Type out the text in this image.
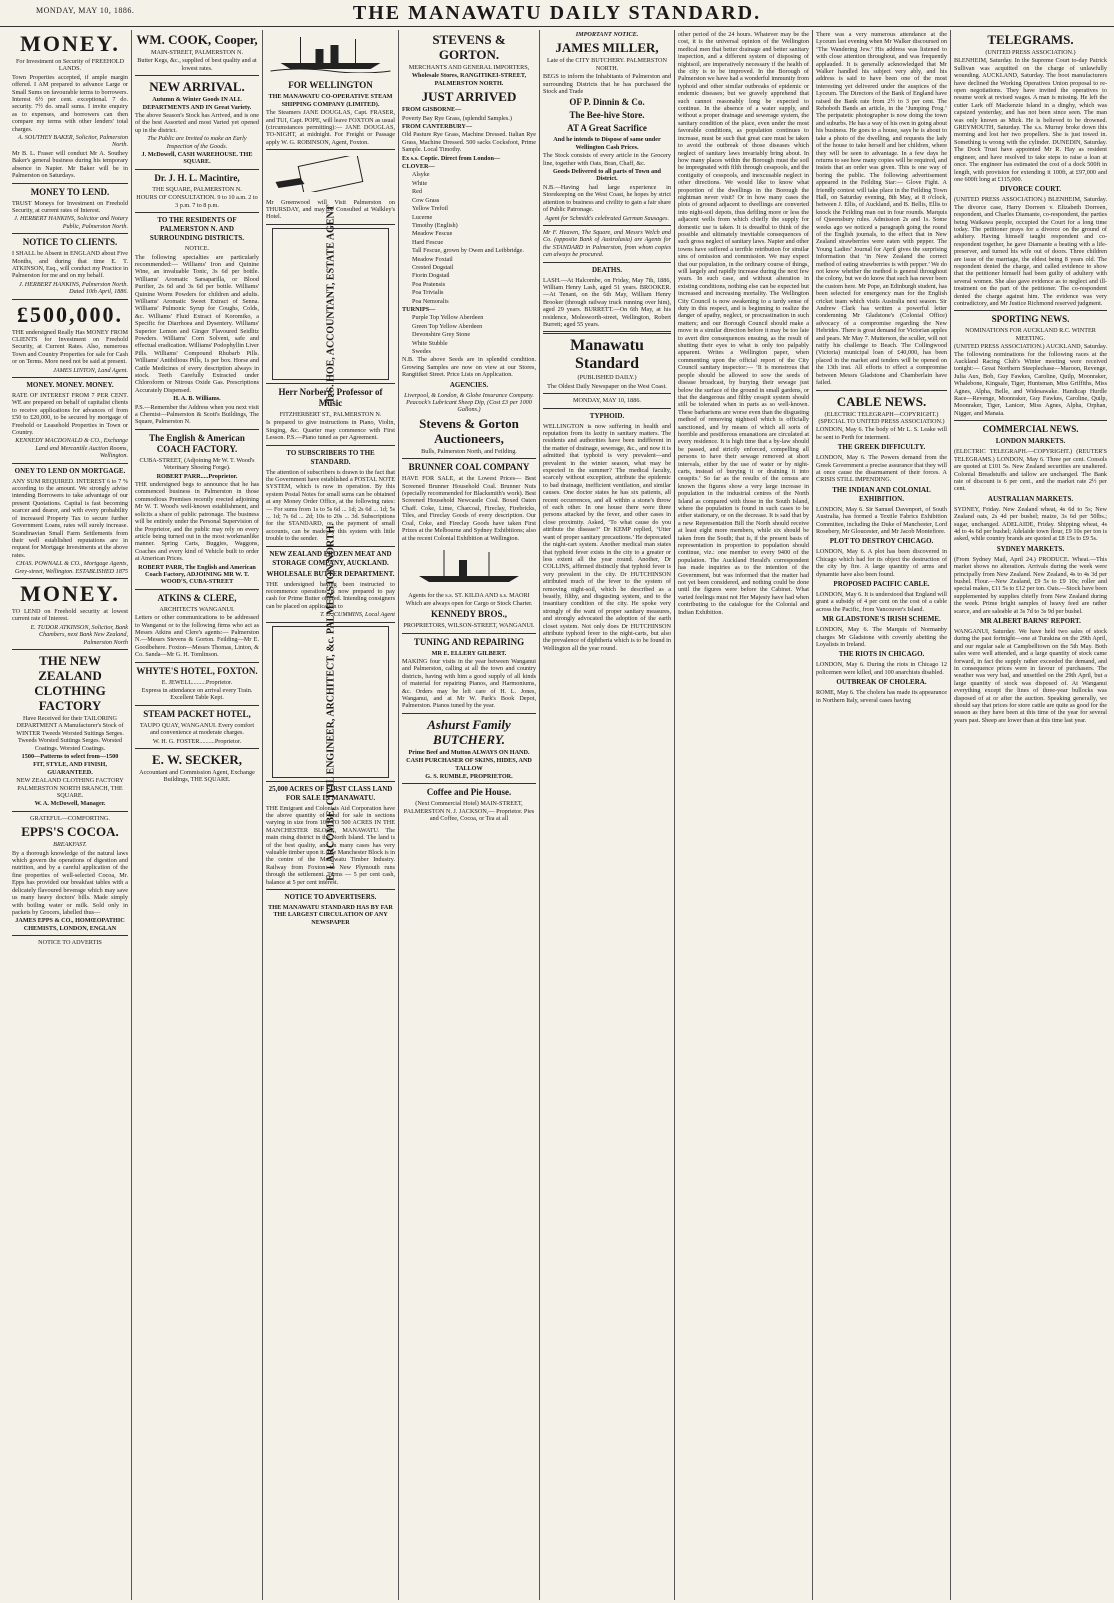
MONDAY, MAY 10, 1886.	THE MANAWATU DAILY STANDARD.
MONEY.

For Investment on Security of FREEHOLD LANDS.

Town Properties accepted, if ample margin offered. I AM prepared to advance Large or Small Sums on favourable terms to borrowers. Interest 6½ per cent. exceptional. 7 do. security. 7½ do. small sums. I invite enquiry as to expenses, and borrowers can then compare my terms with other lenders' total charges.

A. SOUTHEY BAKER, Solicitor, Palmerston North.

Mr B. L. Fraser will conduct Mr A. Southey Baker's general business during his temporary absence in Napier. Mr Baker will be in Palmerston on Saturdays.

MONEY TO LEND.

TRUST Moneys for Investment on Freehold Security, at current rates of Interest.

J. HERBERT HANKINS, Solicitor and Notary Public, Palmerston North.

NOTICE TO CLIENTS.

I SHALL be Absent in ENGLAND about Five Months, and during that time E. T. ATKINSON, Esq., will conduct my Practice in Palmerston for me and on my behalf.

J. HERBERT HANKINS, Palmerston North. Dated 10th April, 1886.

£500,000.

THE undersigned Really Has MONEY FROM CLIENTS for Investment on Freehold Security, at Current Rates. Also, numerous Town and Country Properties for sale for Cash or on Terms. More need not be said at present.

JAMES LINTON, Land Agent.

MONEY. MONEY. MONEY.

RATE OF INTEREST FROM 7 PER CENT. WE are prepared on behalf of capitalist clients to receive applications for advances of from £50 to £20,000, to be secured by mortgage of Freehold or Leasehold Properties in Town or Country.

KENNEDY MACDONALD & CO., Exchange Land and Mercantile Auction Rooms, Wellington.

ONEY TO LEND ON MORTGAGE.

ANY SUM REQUIRED. INTEREST 6 to 7 % according to the amount. We strongly advise intending Borrowers to take advantage of our present Quotations. Capital is fast becoming scarcer and dearer, and with every probability of increased Property Tax to secure further Government Loans, rates will surely increase. Scandinavian Small Farm Settlements from their well established reputations are in request for Mortgage Investments at the above rates.

CHAS. POWNALL & CO., Mortgage Agents, Grey-street, Wellington. ESTABLISHED 1875

MONEY.

TO LEND on Freehold security at lowest current rate of Interest.

E. TUDOR ATKINSON, Solicitor, Bank Chambers, next Bank New Zealand, Palmerston North

THE NEW ZEALAND CLOTHING FACTORY

Have Received for their TAILORING DEPARTMENT A Manufacturer's Stock of WINTER Tweeds Worsted Suitings Serges. Tweeds Worsted Suitings Serges. Worsted Coatings. Worsted Coatings.

1500—Patterns to select from—1500

FIT, STYLE, AND FINISH, GUARANTEED.

NEW ZEALAND CLOTHING FACTORY PALMERSTON NORTH BRANCH, THE SQUARE.

W. A. McDowell, Manager.

GRATEFUL—COMFORTING.

EPPS'S COCOA.

BREAKFAST.

By a thorough knowledge of the natural laws which govern the operations of digestion and nutrition, and by a careful application of the fine properties of well-selected Cocoa, Mr. Epps has provided our breakfast tables with a delicately flavoured beverage which may save us many heavy doctors' bills. Made simply with boiling water or milk. Sold only in packets by Grocers, labelled thus—

JAMES EPPS & CO., HOMŒOPATHIC CHEMISTS, LONDON, ENGLAN

NOTICE TO ADVERTIS

WM. COOK, Cooper,

MAIN-STREET, PALMERSTON N.

Butter Kegs, &c., supplied of best quality and at lowest rates.

NEW ARRIVAL.

Autumn & Winter Goods IN ALL DEPARTMENTS AND IN Great Variety.

The above Season's Stock has Arrived, and is one of the best Assorted and most Varied yet opened up in the district.

The Public are Invited to make an Early Inspection of the Goods.

J. McDowell, CASH WAREHOUSE. THE SQUARE.

Dr. J. H. L. Macintire,

THE SQUARE, PALMERSTON N.

HOURS OF CONSULTATION. 9 to 10 a.m. 2 to 3 p.m. 7 to 8 p.m.

TO THE RESIDENTS OF PALMERSTON N. AND SURROUNDING DISTRICTS.

NOTICE.

The following specialties are particularly recommended:— Williams' Iron and Quinine Wine, an invaluable Tonic, 3s 6d per bottle. Williams' Aromatic Sarsaparilla, or Blood Purifier, 2s 6d and 3s 6d per bottle. Williams' Quinine Worm Powders for children and adults. Williams' Aromatic Sweet Extract of Senna. Williams' Pulmonic Syrup for Coughs, Colds, &c. Williams' Fluid Extract of Koromiko, a Specific for Diarrhoea and Dysentery. Williams' Superior Lemon and Ginger Flavoured Seidlitz Powders. Williams' Corn Solvent, safe and effectual eradication. Williams' Podophyllin Liver Pills. Williams' Compound Rhubarb Pills. Williams' Antibilious Pills, 1s per box. Horse and Cattle Medicines of every description always in stock. Teeth Carefully Extracted under Chloroform or Nitrous Oxide Gas. Prescriptions Accurately Dispensed.

H. A. B. Williams.

P.S.—Remember the Address when you next visit a Chemist—Palmerston & Scott's Buildings, The Square, Palmerston N.

The English & American COACH FACTORY.

CUBA-STREET, (Adjoining Mr W. T. Wood's Veterinary Shoeing Forge).

ROBERT PARR.....Proprietor.

THE undersigned begs to announce that he has commenced business in Palmerston in those commodious Premises recently erected adjoining Mr W. T. Wood's well-known establishment, and solicits a share of public patronage. The business will be entirely under the Personal Supervision of the Proprietor, and the public may rely on every article being turned out in the most workmanlike manner. Spring Carts, Buggies, Waggons, Coaches and every kind of Vehicle built to order at American Prices.

ROBERT PARR, The English and American Coach Factory, ADJOINING MR W. T. WOOD'S, CUBA-STREET

ATKINS & CLERE,

ARCHITECTS WANGANUI.

Letters or other communications to be addressed to Wanganui or to the following firms who act as Messrs Atkins and Clere's agents:— Palmerston N.—Messrs Stevens & Gorton. Feilding—Mr E. Goodbehere. Foxton—Messrs Thomas, Linton, & Co. Sanda—Mr G. H. Tomlinson.

WHYTE'S HOTEL, FOXTON.

E. JEWELL.........Proprietor.

Express in attendance on arrival every Train. Excellent Table Kept.

STEAM PACKET HOTEL,

TAUPO QUAY, WANGANUI. Every comfort and convenience at moderate charges.

W. H. G. FOSTER..........Proprietor.

E. W. SECKER,

Accountant and Commission Agent, Exchange Buildings, THE SQUARE.

FOR WELLINGTON

THE MANAWATU CO-OPERATIVE STEAM SHIPPING COMPANY (LIMITED).

The Steamers JANE DOUGLAS, Capt. FRASER, and TUI, Capt. POPE, will leave FOXTON as usual (circumstances permitting):— JANE DOUGLAS, TO-NIGHT, at midnight. For Freight or Passage apply W. G. ROBINSON, Agent, Foxton.

Mr Greenwood will Visit Palmerston on THURSDAY, and may be Consulted at Walkley's Hotel.	T. S. HOE, ACCOUNTANT, ESTATE AGENT
Herr Norberg, Professor of Music

FITZHERBERT ST., PALMERSTON N.

Is prepared to give instructions in Piano, Violin, Singing, &c. Quarter may commence with First Lesson. P.S.—Piano tuned as per Agreement.

TO SUBSCRIBERS TO THE STANDARD.

The attention of subscribers is drawn to the fact that the Government have established a POSTAL NOTE SYSTEM, which is now in operation. By this system Postal Notes for small sums can be obtained at any Money Order Office, at the following rates:— For sums from 1s to 5s 6d ... 1d; 2s 6d ... 1d; 5s ... 1d; 7s 6d ... 2d; 10s to 20s ... 3d. Subscriptions for the STANDARD, or the payment of small accounts, can be made by this system with little trouble to the sender.

NEW ZEALAND FROZEN MEAT AND STORAGE COMPANY, AUCKLAND.
WHOLESALE BUTTER DEPARTMENT.

THE undersigned having been instructed to recommence operations is now prepared to pay cash for Prime Butter offered. Intending consigners can be placed on application to

T. D. CUMMINS, Local Agent

E. LARCOMBE, CIVIL ENGINEER, ARCHITECT, &c. PALMERSTON NORTH.
25,000 ACRES OF FIRST CLASS LAND FOR SALE IN MANAWATU.

THE Emigrant and Colonists Aid Corporation have the above quantity of land for sale in sections varying in size from 100 TO 500 ACRES IN THE MANCHESTER BLOCK, MANAWATU. The main rising district in the North Island. The land is of the best quality, and in many cases has very valuable timber upon it. The Manchester Block is in the centre of the Manawatu Timber Industry. Railway from Foxton to New Plymouth runs through the settlement. Terms — 5 per cent cash, balance at 5 per cent interest.

NOTICE TO ADVERTISERS.

THE MANAWATU STANDARD HAS BY FAR THE LARGEST CIRCULATION OF ANY NEWSPAPER

STEVENS & GORTON.

MERCHANTS AND GENERAL IMPORTERS,

Wholesale Stores, RANGITIKEI-STREET, PALMERSTON NORTH.

JUST ARRIVED

FROM GISBORNE—

Poverty Bay Rye Grass, (splendid Samples.)

FROM CANTERBURY—

Old Pasture Rye Grass, Machine Dressed. Italian Rye Grass, Machine Dressed. 500 sacks Cocksfoot, Prime Sample. Local Timothy.

Ex s.s. Coptic. Direct from London—

CLOVER—

Alsyke

White

Red

Cow Grass

Yellow Trefoil

Lucerne

Timothy (English)

Meadow Fescue

Hard Fescue

Tall Fescue, grown by Owen and Leibbridge.

Meadow Foxtail

Crested Dogstail

Fiorin Dogstail

Poa Pratensis

Poa Trivialis

Poa Nemoralis

TURNIPS—

Purple Top Yellow Aberdeen

Green Top Yellow Aberdeen

Devonshire Grey Stone

White Stubble

Swedes

N.B. The above Seeds are in splendid condition. Growing Samples are now on view at our Stores, Rangitikei Street. Price Lists on Application.

AGENCIES.

Liverpool, & London, & Globe Insurance Company. Peacock's Lubricant Sheep Dip, (Cost £3 per 1000 Gallons.)

Stevens & Gorton Auctioneers,

Bulls, Palmerston North, and Feilding.

BRUNNER COAL COMPANY

HAVE FOR SALE, at the Lowest Prices— Best Screened Brunner Household Coal. Brunner Nuts (specially recommended for Blacksmith's work). Best Screened Household Newcastle Coal. Boxed Oaten Chaff. Coke, Lime, Charcoal, Fireclay, Firebricks, Tiles, and Fireclay Goods of every description. Our Coal, Coke, and Fireclay Goods have taken First Prizes at the Melbourne and Sydney Exhibitions; also at the recent Colonial Exhibition at Wellington.

Agents for the s.s. ST. KILDA AND s.s. MAORI Which are always open for Cargo or Stock Charter.

KENNEDY BROS.,

PROPRIETORS, WILSON-STREET, WANGANUI.

TUNING AND REPAIRING

MR E. ELLERY GILBERT.

MAKING four visits in the year between Wanganui and Palmerston, calling at all the town and country districts, having with him a good supply of all kinds of material for repairing Pianos, and Harmoniums, &c. Orders may be left care of H. L. Jones, Wanganui, and at Mr W. Park's Book Depot, Palmerston. Pianos tuned by the year.

Ashurst Family BUTCHERY.

Prime Beef and Mutton ALWAYS ON HAND.

CASH PURCHASER OF SKINS, HIDES, AND TALLOW

G. S. RUMBLE, PROPRIETOR.

Coffee and Pie House.

(Next Commercial Hotel) MAIN-STREET, PALMERSTON N. J. JACKSON,— Proprietor. Pies and Coffee, Cocoa, or Tea at all

IMPORTANT NOTICE.

JAMES MILLER,

Late of the CITY BUTCHERY. PALMERSTON NORTH.

BEGS to inform the Inhabitants of Palmerston and surrounding Districts that he has purchased the Stock and Trade

OF P. Dinnin & Co.
The Bee-hive Store.
AT A Great Sacrifice

And he intends to Dispose of same under Wellington Cash Prices.

The Stock consists of every article in the Grocery line, together with Oats, Bran, Chaff, &c.

Goods Delivered to all parts of Town and District.

N.B.—Having had large experience in Storekeeping on the West Coast, he hopes by strict attention to business and civility to gain a fair share of Public Patronage.

Agent for Schmidt's celebrated German Sausages.

Mr F. Heaven, The Square, and Messrs Welch and Co. (opposite Bank of Australasia) are Agents for the STANDARD in Palmerston, from whom copies can always be procured.

DEATHS.

LASH.—At Halcombe, on Friday, May 7th, 1886, William Henry Lash, aged 51 years. BROOKER.—At Tenant, on the 6th May, William Henry Brooker (through railway truck running over him), aged 29 years. BURRETT.—On 6th May, at his residence, Molesworth-street, Wellington, Robert Burrett; aged 55 years.

Manawatu Standard

(PUBLISHED DAILY.)

The Oldest Daily Newspaper on the West Coast.

MONDAY, MAY 10, 1886.

TYPHOID.

WELLINGTON is now suffering in health and reputation from its laxity in sanitary matters. The residents and authorities have been indifferent in the matter of drainage, sewerage, &c., and now it is admitted that typhoid is very prevalent—and prevalent in the winter season, what may be expected in the summer? The medical faculty, scarcely without exception, attribute the epidemic to bad drainage, inefficient ventilation, and similar causes. One doctor states he has six patients, all recent occurrences, and all within a stone's throw of each other. In one house there were three persons attacked by the fever, and other cases in close proximity. Asked, ‘To what cause do you attribute the disease?’ Dr KEMP replied, ‘Utter want of proper sanitary precautions.’ He deprecated the night-cart system. Another medical man states that typhoid fever exists in the city to a greater or less extent all the year round. Another, Dr COLLINS, affirmed distinctly that typhoid fever is very prevalent in the city. Dr HUTCHINSON attributed much of the fever to the system of removing night-soil, which he described as a beastly, filthy, and disgusting system, and to the insanitary condition of the city. He spoke very strongly of the want of proper sanitary measures, and strongly advocated the adoption of the earth closet system. Not only does Dr HUTCHINSON attribute typhoid fever to the night-carts, but also the prevalence of diphtheria which is to be found in Wellington all the year round.

other period of the 24 hours. Whatever may be the cost, it is the universal opinion of the Wellington medical men that better drainage and better sanitary inspection, and a different system of disposing of nightsoil, are imperatively necessary if the health of the city is to be improved. In the Borough of Palmerston we have had a wonderful immunity from typhoid and other similar outbreaks of epidemic or endemic diseases; but we gravely apprehend that such cannot reasonably long be expected to continue. In the absence of a water supply, and without a proper drainage and sewerage system, the sanitary condition of the place, even under the most favorable conditions, as population continues to increase, must be such that great care must be taken to avoid the outbreak of those diseases which neglect of sanitary laws invariably bring about. In how many places within the Borough must the soil be impregnated with filth through cesspools, and the contiguity of cesspools, and inexcusable neglect in other directions. We would like to know what proportion of the dwellings in the Borough the nightman never visit? Or in how many cases the plots of ground adjacent to dwellings are converted into night-soil depots, thus defiling more or less the adjacent wells from which chiefly the supply for domestic use is taken. It is dreadful to think of the possible and ultimately inevitable consequences of such gross neglect of sanitary laws. Napier and other towns have suffered a terrible retribution for similar sins of omission and commission. We may expect that our population, in the ordinary course of things, will largely and rapidly increase during the next few years. In such case, and without alteration in existing conditions, nothing else can be expected but increased and increasing mortality. The Wellington City Council is now awakening to a tardy sense of duty in this respect, and is beginning to realize the danger of apathy, neglect, or procrastination in such matters; and our Borough Council should make a move in a similar direction before it may be too late to avert dire consequences ensuing, as the result of shutting their eyes to what is only too palpably apparent. Writes a Wellington paper, when commenting upon the official report of the City Council sanitary inspector:— ‘It is monstrous that people should be allowed to sow the seeds of disease broadcast, by burying their sewage just below the surface of the ground in small gardens, or that the dangerous and filthy cesspit system should still be tolerated when in parts as so well-known. These barbarisms are worse even than the disgusting method of removing nightsoil which is officially sanctioned, and by means of which all sorts of horrible and pestiferous emanations are circulated at every residence. It is high time that a by-law should be passed, and strictly enforced, compelling all persons to have their sewage removed at short intervals, either by the use of water or by night-carts, instead of burying it or draining it into cesspits.’ So far as the results of the census are known the figures show a very large increase in population in the industrial centres of the North Island as compared with those in the South Island, where the population is found in such cases to be either stationary, or on the decrease. It is said that by a new Representation Bill the North should receive at least eight more members, while six should be taken from the South; that is, if the present basis of representation in proportion to population should continue, viz.: one member to every 9400 of the population. The Auckland Herald's correspondent has made inquiries as to the intention of the Government, but was informed that the matter had not yet been considered, and nothing could be done until the figures were before the Cabinet. What varied feelings must not Her Majesty have had when contributing to the catalogue for the Colonial and Indian Exhibition.

There was a very numerous attendance at the Lyceum last evening when Mr Walker discoursed on ‘The Wandering Jew.’ His address was listened to with close attention throughout, and was frequently applauded. It is generally acknowledged that Mr Walker handled his subject very ably, and his address is said to have been one of the most interesting yet delivered under the auspices of the Lyceum. The Directors of the Bank of England have raised the Bank rate from 2½ to 3 per cent. The Rehoboth Bands an article, in the ‘Jumping Frog.’ The peripatetic photographer is now doing the town and suburbs. He has a way of his own in going about his business. He goes to a house, says he is about to take a photo of the dwelling, and requests the lady of the house to take herself and her children, where they will be seen to advantage. In a few days he returns to see how many copies will be required, and insists that an order was given. This is one way of boring the public. The following advertisement appeared in the Feilding Star:— Glove Fight. A friendly contest will take place in the Feilding Town Hall, on Saturday evening, 8th May, at 8 o'clock, between J. Ellis, of Auckland, and B. Bellis, Ellis to knock the Feilding man out in four rounds. Marquis of Queensbury rules. Admission 2s and 1s. Some weeks ago we noticed a paragraph going the round of the English journals, to the effect that in New Zealand strawberries were eaten with pepper. The Young Ladies' Journal for April gives the surprising information that ‘in New Zealand the correct method of eating strawberries is with pepper.’ We do not know whether the method is general throughout the colony, but we do know that such has never been the custom here. Mr Pope, an Edinburgh student, has been selected for emergency man for the English cricket team which visits Australia next season. Sir Andrew Clark has written a powerful letter condemning Mr Gladstone's (Colonial Office) advocacy of a compromise regarding the New Hebrides. There is great demand for Victorian apples and pears. Mr May 7. Mutterson, the sculler, will not ratify his challenge to Beach. The Collingwood (Victoria) municipal loan of £40,000, has been placed in the market and tenders will be opened on the 13th inst. All efforts to effect a compromise between Messrs Gladstone and Chamberlain have failed.

CABLE NEWS.

(ELECTRIC TELEGRAPH—COPYRIGHT.) (SPECIAL TO UNITED PRESS ASSOCIATION.)

LONDON, May 6. The body of Mr L. S. Leake will be sent to Perth for interment.

THE GREEK DIFFICULTY.

LONDON, May 6. The Powers demand from the Greek Government a precise assurance that they will at once cause the disarmament of their forces. A CRISIS STILL IMPENDING.

THE INDIAN AND COLONIAL EXHIBITION.

LONDON, May 6. Sir Samuel Davenport, of South Australia, has formed a Textile Fabrics Exhibition Committee, including the Duke of Manchester, Lord Rosebery, Mr Gloucester, and Mr Jacob Montefiore.

PLOT TO DESTROY CHICAGO.

LONDON, May 6. A plot has been discovered in Chicago which had for its object the destruction of the city by fire. A large quantity of arms and dynamite have also been found.

PROPOSED PACIFIC CABLE.

LONDON, May 6. It is understood that England will grant a subsidy of 4 per cent on the cost of a cable across the Pacific, from Vancouver's Island.

MR GLADSTONE'S IRISH SCHEME.

LONDON, May 6. The Marquis of Normanby charges Mr Gladstone with covertly abetting the Loyalists in Ireland.

THE RIOTS IN CHICAGO.

LONDON, May 6. During the riots in Chicago 12 policemen were killed, and 100 anarchists disabled.

OUTBREAK OF CHOLERA.

ROME, May 6. The cholera has made its appearance in Northern Italy, several cases having

TELEGRAMS.

(UNITED PRESS ASSOCIATION.)

BLENHEIM, Saturday. In the Supreme Court to-day Patrick Sullivan was acquitted on the charge of unlawfully wounding. AUCKLAND, Saturday. The boot manufacturers have declined the Working Operatives Union proposal to re-open negotiations. They have invited the operatives to resume work at revised wages. A man is missing. He left the cutter Lark off Mackenzie Island in a dinghy, which was capsized yesterday, and has not been since seen. The man was only known as Mick. He is believed to be drowned. GREYMOUTH, Saturday. The s.s. Murray broke down this morning and lost her two propellers. She is just towed in. Something is wrong with the cylinder. DUNEDIN, Saturday. The Dock Trust have appointed Mr R. Hay as resident engineer, and have resolved to take steps to raise a loan at once. The engineer has estimated the cost of a dock 500ft in length, with provision for extending it 100ft, at £97,000 and one 600ft long at £115,000.

DIVORCE COURT.

(UNITED PRESS ASSOCIATION.) BLENHEIM, Saturday. The divorce case, Harry Dorreen v. Elizabeth Dorreen, respondent, and Charles Diamante, co-respondent, the parties being Waikawa people, occupied the Court for a long time today. The petitioner prays for a divorce on the ground of adultery. Having himself taught respondent and co-respondent together, he gave Diamante a beating with a life-preserver, and turned his wife out of doors. Three children are issue of the marriage, the eldest being 8 years old. The respondent denied the charge, and called evidence to show that the petitioner himself had been guilty of adultery with several women. She also gave evidence as to neglect and ill-treatment on the part of the petitioner. The co-respondent denied the charge against him. The evidence was very contradictory, and Mr Justice Richmond reserved judgment.

SPORTING NEWS.

NOMINATIONS FOR AUCKLAND R.C. WINTER MEETING.

(UNITED PRESS ASSOCIATION.) AUCKLAND, Saturday. The following nominations for the following races at the Auckland Racing Club's Winter meeting were received tonight:— Great Northern Steeplechase—Maroon, Revenge, Julia Aux, Bob, Guy Fawkes, Caroline, Quilp, Moonraker, Whalebone, Kingsale, Tiger, Huntsman, Miss Griffiths, Miss Agnes, Alpha, Belle, and Widesawake. Handicap Hurdle Race—Revenge, Moonraker, Guy Fawkes, Caroline, Quilp, Moonraker, Tiger, Lanicer, Miss Agnes, Alpha, Orphan, Nigger, and Manaia.

COMMERCIAL NEWS.
LONDON MARKETS.

(ELECTRIC TELEGRAPH.—COPYRIGHT.) (REUTER'S TELEGRAMS.) LONDON, May 6. Three per cent. Consols are quoted at £101 5s. New Zealand securities are unaltered. Colonial Breadstuffs and tallow are unchanged. The Bank rate of discount is 6 per cent., and the market rate 2½ per cent.

AUSTRALIAN MARKETS.

SYDNEY, Friday. New Zealand wheat, 4s 6d to 5s; New Zealand oats, 2s 4d per bushel; maize, 3s 6d per 50lbs.; sugar, unchanged. ADELAIDE, Friday. Shipping wheat, 4s 4d to 4s 6d per bushel; Adelaide town flour, £9 10s per ton is asked, while country brands are quoted at £8 15s to £9 5s.

SYDNEY MARKETS.

(From Sydney Mail, April 24.) PRODUCE. Wheat.—This market shows no alteration. Arrivals during the week were principally from New Zealand. New Zealand, 4s to 4s 3d per bushel. Flour.—New Zealand, £9 5s to £9 10s; roller and special makes, £11 5s to £12 per ton. Oats.—Stock have been supplemented by supplies chiefly from New Zealand during the week. Prime bright samples of heavy feed are rather scarce, and are saleable at 3s 7d to 3s 9d per bushel.

MR ALBERT BARNS' REPORT.

WANGANUI, Saturday. We have held two sales of stock during the past fortnight—one at Turakina on the 29th April, and our regular sale at Campbelltown on the 5th May. Both sales were well attended, and a large quantity of stock came forward, in fact the supply rather exceeded the demand, and in consequence prices were in favour of purchasers. The weather was very bad, and unsettled on the 29th April, but a large quantity of stock was disposed of. At Wanganui everything except the lines of three-year bullocks was disposed of at or after the auction. Speaking generally, we should say that prices for store cattle are quite as good for the season as they have been at this time of the year for several years past. Sheep are lower than at this time last year.
